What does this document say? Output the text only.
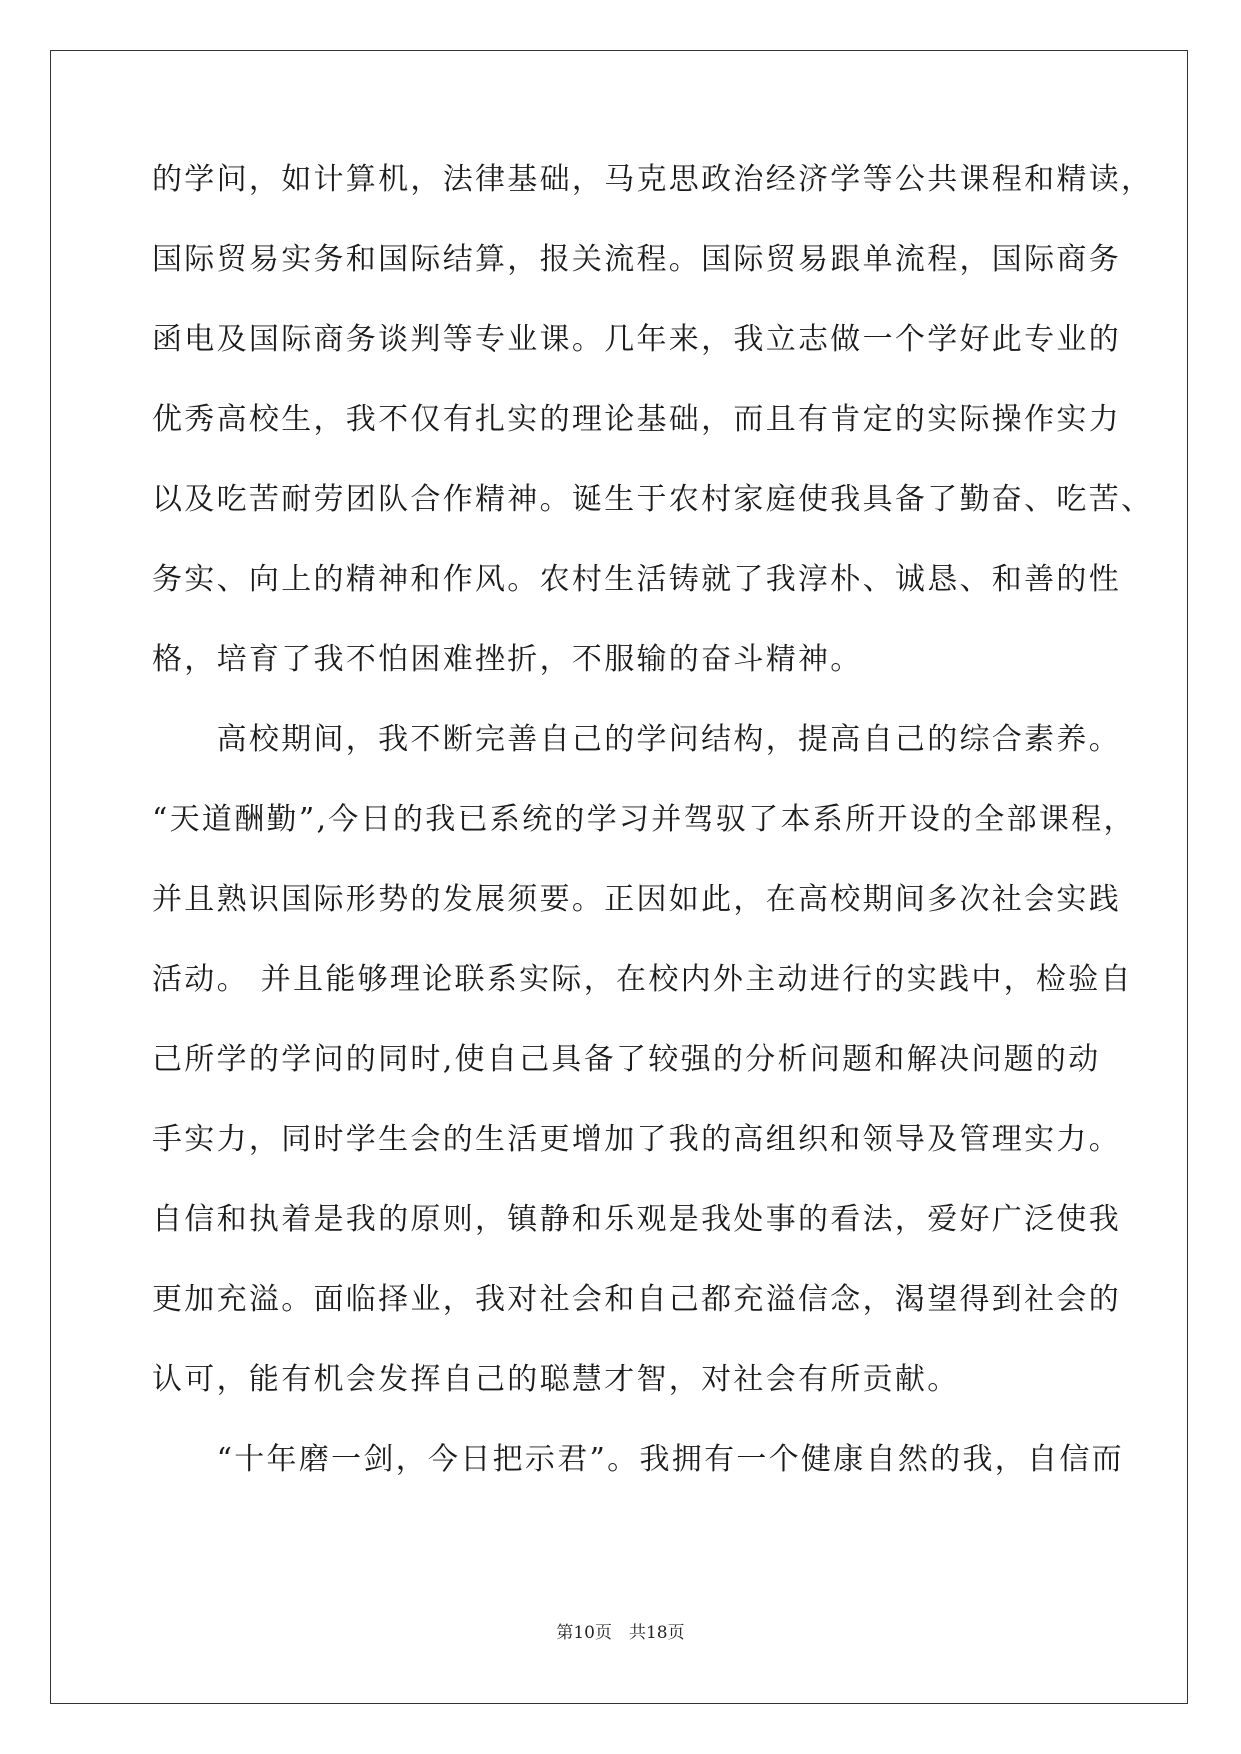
的学问，如计算机，法律基础，马克思政治经济学等公共课程和精读，
国际贸易实务和国际结算，报关流程。国际贸易跟单流程，国际商务
函电及国际商务谈判等专业课。几年来，我立志做一个学好此专业的
优秀高校生，我不仅有扎实的理论基础，而且有肯定的实际操作实力
以及吃苦耐劳团队合作精神。诞生于农村家庭使我具备了勤奋、吃苦、
务实、向上的精神和作风。农村生活铸就了我淳朴、诚恳、和善的性
格，培育了我不怕困难挫折，不服输的奋斗精神。
　　高校期间，我不断完善自己的学问结构，提高自己的综合素养。
“天道酬勤”,今日的我已系统的学习并驾驭了本系所开设的全部课程，
并且熟识国际形势的发展须要。正因如此，在高校期间多次社会实践
活动。 并且能够理论联系实际，在校内外主动进行的实践中，检验自
己所学的学问的同时,使自己具备了较强的分析问题和解决问题的动
手实力，同时学生会的生活更增加了我的高组织和领导及管理实力。
自信和执着是我的原则，镇静和乐观是我处事的看法，爱好广泛使我
更加充溢。面临择业，我对社会和自己都充溢信念，渴望得到社会的
认可，能有机会发挥自己的聪慧才智，对社会有所贡献。
　　“十年磨一剑，今日把示君”。我拥有一个健康自然的我，自信而
第10页　共18页
